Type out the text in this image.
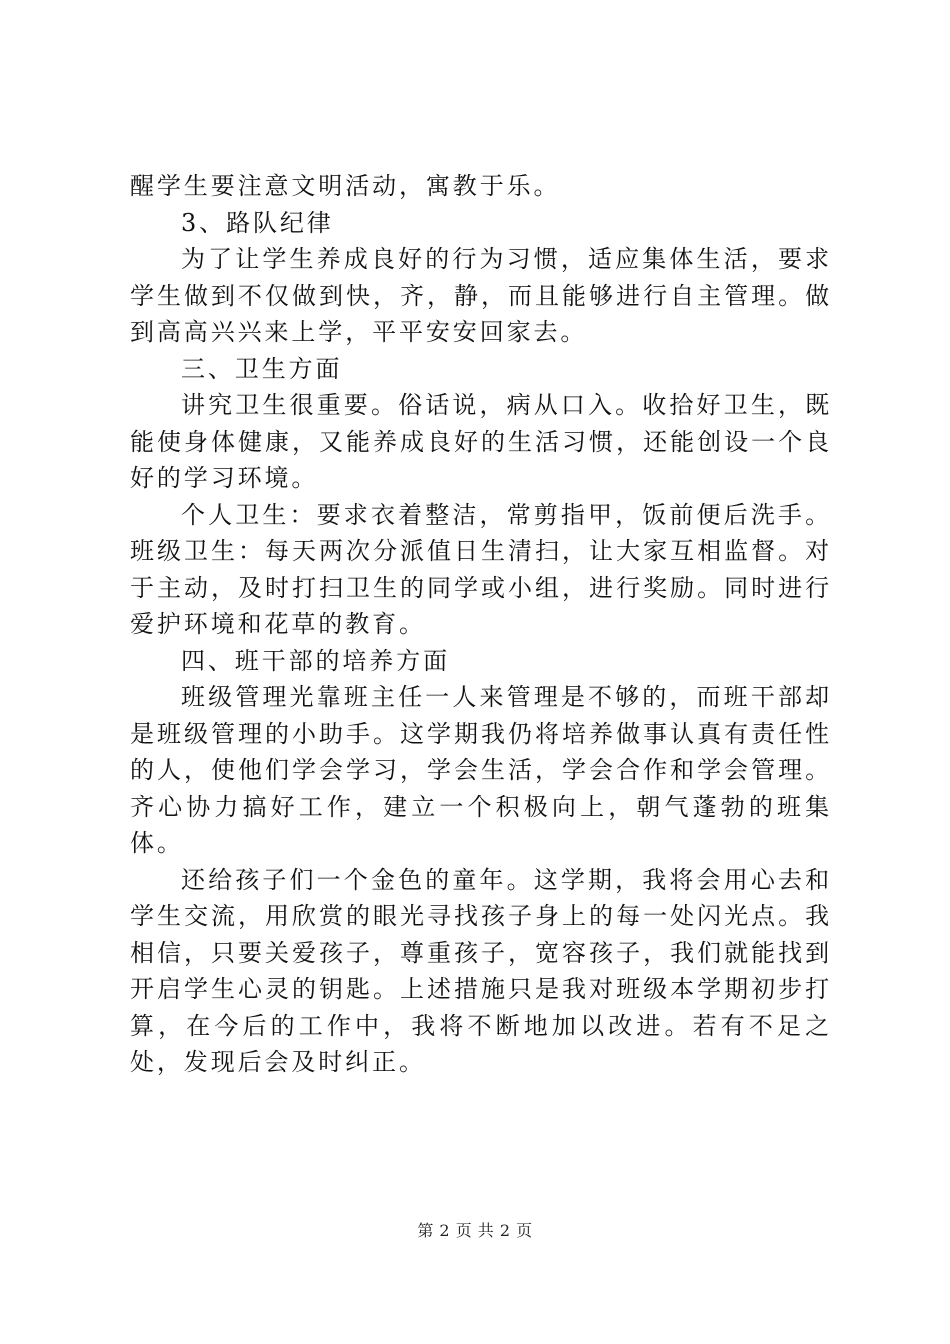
醒学生要注意文明活动，寓教于乐。

3、路队纪律

为了让学生养成良好的行为习惯，适应集体生活，要求学生做到不仅做到快，齐，静，而且能够进行自主管理。做到高高兴兴来上学，平平安安回家去。

三、卫生方面

讲究卫生很重要。俗话说，病从口入。收拾好卫生，既能使身体健康，又能养成良好的生活习惯，还能创设一个良好的学习环境。

个人卫生：要求衣着整洁，常剪指甲，饭前便后洗手。班级卫生：每天两次分派值日生清扫，让大家互相监督。对于主动，及时打扫卫生的同学或小组，进行奖励。同时进行爱护环境和花草的教育。

四、班干部的培养方面

班级管理光靠班主任一人来管理是不够的，而班干部却是班级管理的小助手。这学期我仍将培养做事认真有责任性的人，使他们学会学习，学会生活，学会合作和学会管理。齐心协力搞好工作，建立一个积极向上，朝气蓬勃的班集体。

还给孩子们一个金色的童年。这学期，我将会用心去和学生交流，用欣赏的眼光寻找孩子身上的每一处闪光点。我相信，只要关爱孩子，尊重孩子，宽容孩子，我们就能找到开启学生心灵的钥匙。上述措施只是我对班级本学期初步打算，在今后的工作中，我将不断地加以改进。若有不足之处，发现后会及时纠正。

第 2 页 共 2 页
